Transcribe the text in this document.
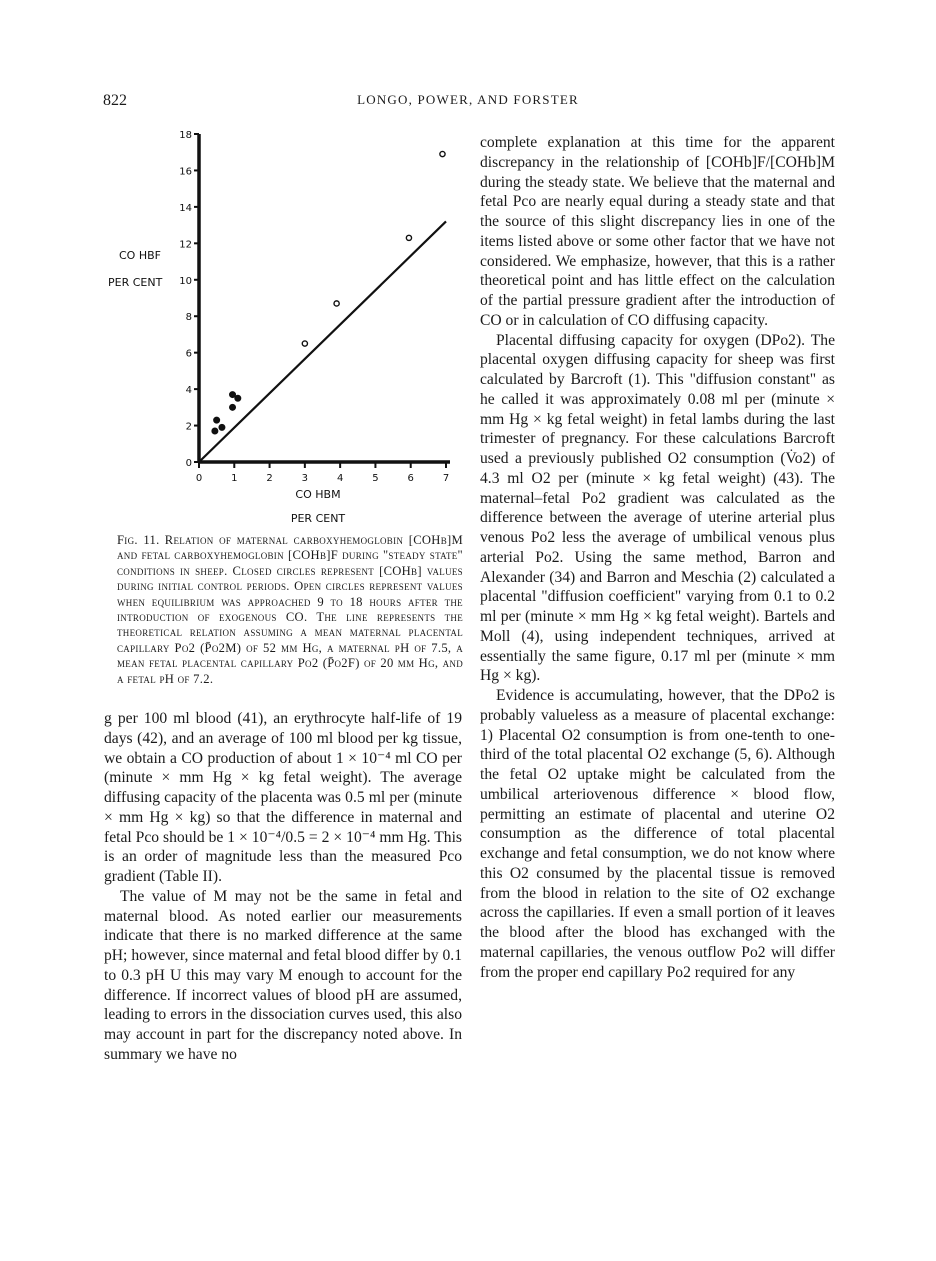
822	LONGO, POWER, AND FORSTER
0
2
4
6
8
10
12
14
16
18
0	1	2	3	4	5	6	7
CO HBF
PER CENT
CO HBM
PER CENT

Fig. 11. Relation of maternal carboxyhemoglobin [COHb]M and fetal carboxyhemoglobin [COHb]F during "steady state" conditions in sheep. Closed circles represent [COHb] values during initial control periods. Open circles represent values when equilibrium was approached 9 to 18 hours after the introduction of exogenous CO. The line represents the theoretical relation assuming a mean maternal placental capillary Po2 (P̄o2M) of 52 mm Hg, a maternal pH of 7.5, a mean fetal placental capillary Po2 (P̄o2F) of 20 mm Hg, and a fetal pH of 7.2.

g per 100 ml blood (41), an erythrocyte half-life of 19 days (42), and an average of 100 ml blood per kg tissue, we obtain a CO production of about 1 × 10⁻⁴ ml CO per (minute × mm Hg × kg fetal weight). The average diffusing capacity of the placenta was 0.5 ml per (minute × mm Hg × kg) so that the difference in maternal and fetal Pco should be 1 × 10⁻⁴/0.5 = 2 × 10⁻⁴ mm Hg. This is an order of magnitude less than the measured Pco gradient (Table II).

The value of M may not be the same in fetal and maternal blood. As noted earlier our measurements indicate that there is no marked difference at the same pH; however, since maternal and fetal blood differ by 0.1 to 0.3 pH U this may vary M enough to account for the difference. If incorrect values of blood pH are assumed, leading to errors in the dissociation curves used, this also may account in part for the discrepancy noted above. In summary we have no

complete explanation at this time for the apparent discrepancy in the relationship of [COHb]F/[COHb]M during the steady state. We believe that the maternal and fetal Pco are nearly equal during a steady state and that the source of this slight discrepancy lies in one of the items listed above or some other factor that we have not considered. We emphasize, however, that this is a rather theoretical point and has little effect on the calculation of the partial pressure gradient after the introduction of CO or in calculation of CO diffusing capacity.

Placental diffusing capacity for oxygen (DPo2). The placental oxygen diffusing capacity for sheep was first calculated by Barcroft (1). This "diffusion constant" as he called it was approximately 0.08 ml per (minute × mm Hg × kg fetal weight) in fetal lambs during the last trimester of pregnancy. For these calculations Barcroft used a previously published O2 consumption (V̇o2) of 4.3 ml O2 per (minute × kg fetal weight) (43). The maternal–fetal Po2 gradient was calculated as the difference between the average of uterine arterial plus venous Po2 less the average of umbilical venous plus arterial Po2. Using the same method, Barron and Alexander (34) and Barron and Meschia (2) calculated a placental "diffusion coefficient" varying from 0.1 to 0.2 ml per (minute × mm Hg × kg fetal weight). Bartels and Moll (4), using independent techniques, arrived at essentially the same figure, 0.17 ml per (minute × mm Hg × kg).

Evidence is accumulating, however, that the DPo2 is probably valueless as a measure of placental exchange: 1) Placental O2 consumption is from one-tenth to one-third of the total placental O2 exchange (5, 6). Although the fetal O2 uptake might be calculated from the umbilical arteriovenous difference × blood flow, permitting an estimate of placental and uterine O2 consumption as the difference of total placental exchange and fetal consumption, we do not know where this O2 consumed by the placental tissue is removed from the blood in relation to the site of O2 exchange across the capillaries. If even a small portion of it leaves the blood after the blood has exchanged with the maternal capillaries, the venous outflow Po2 will differ from the proper end capillary Po2 required for any
